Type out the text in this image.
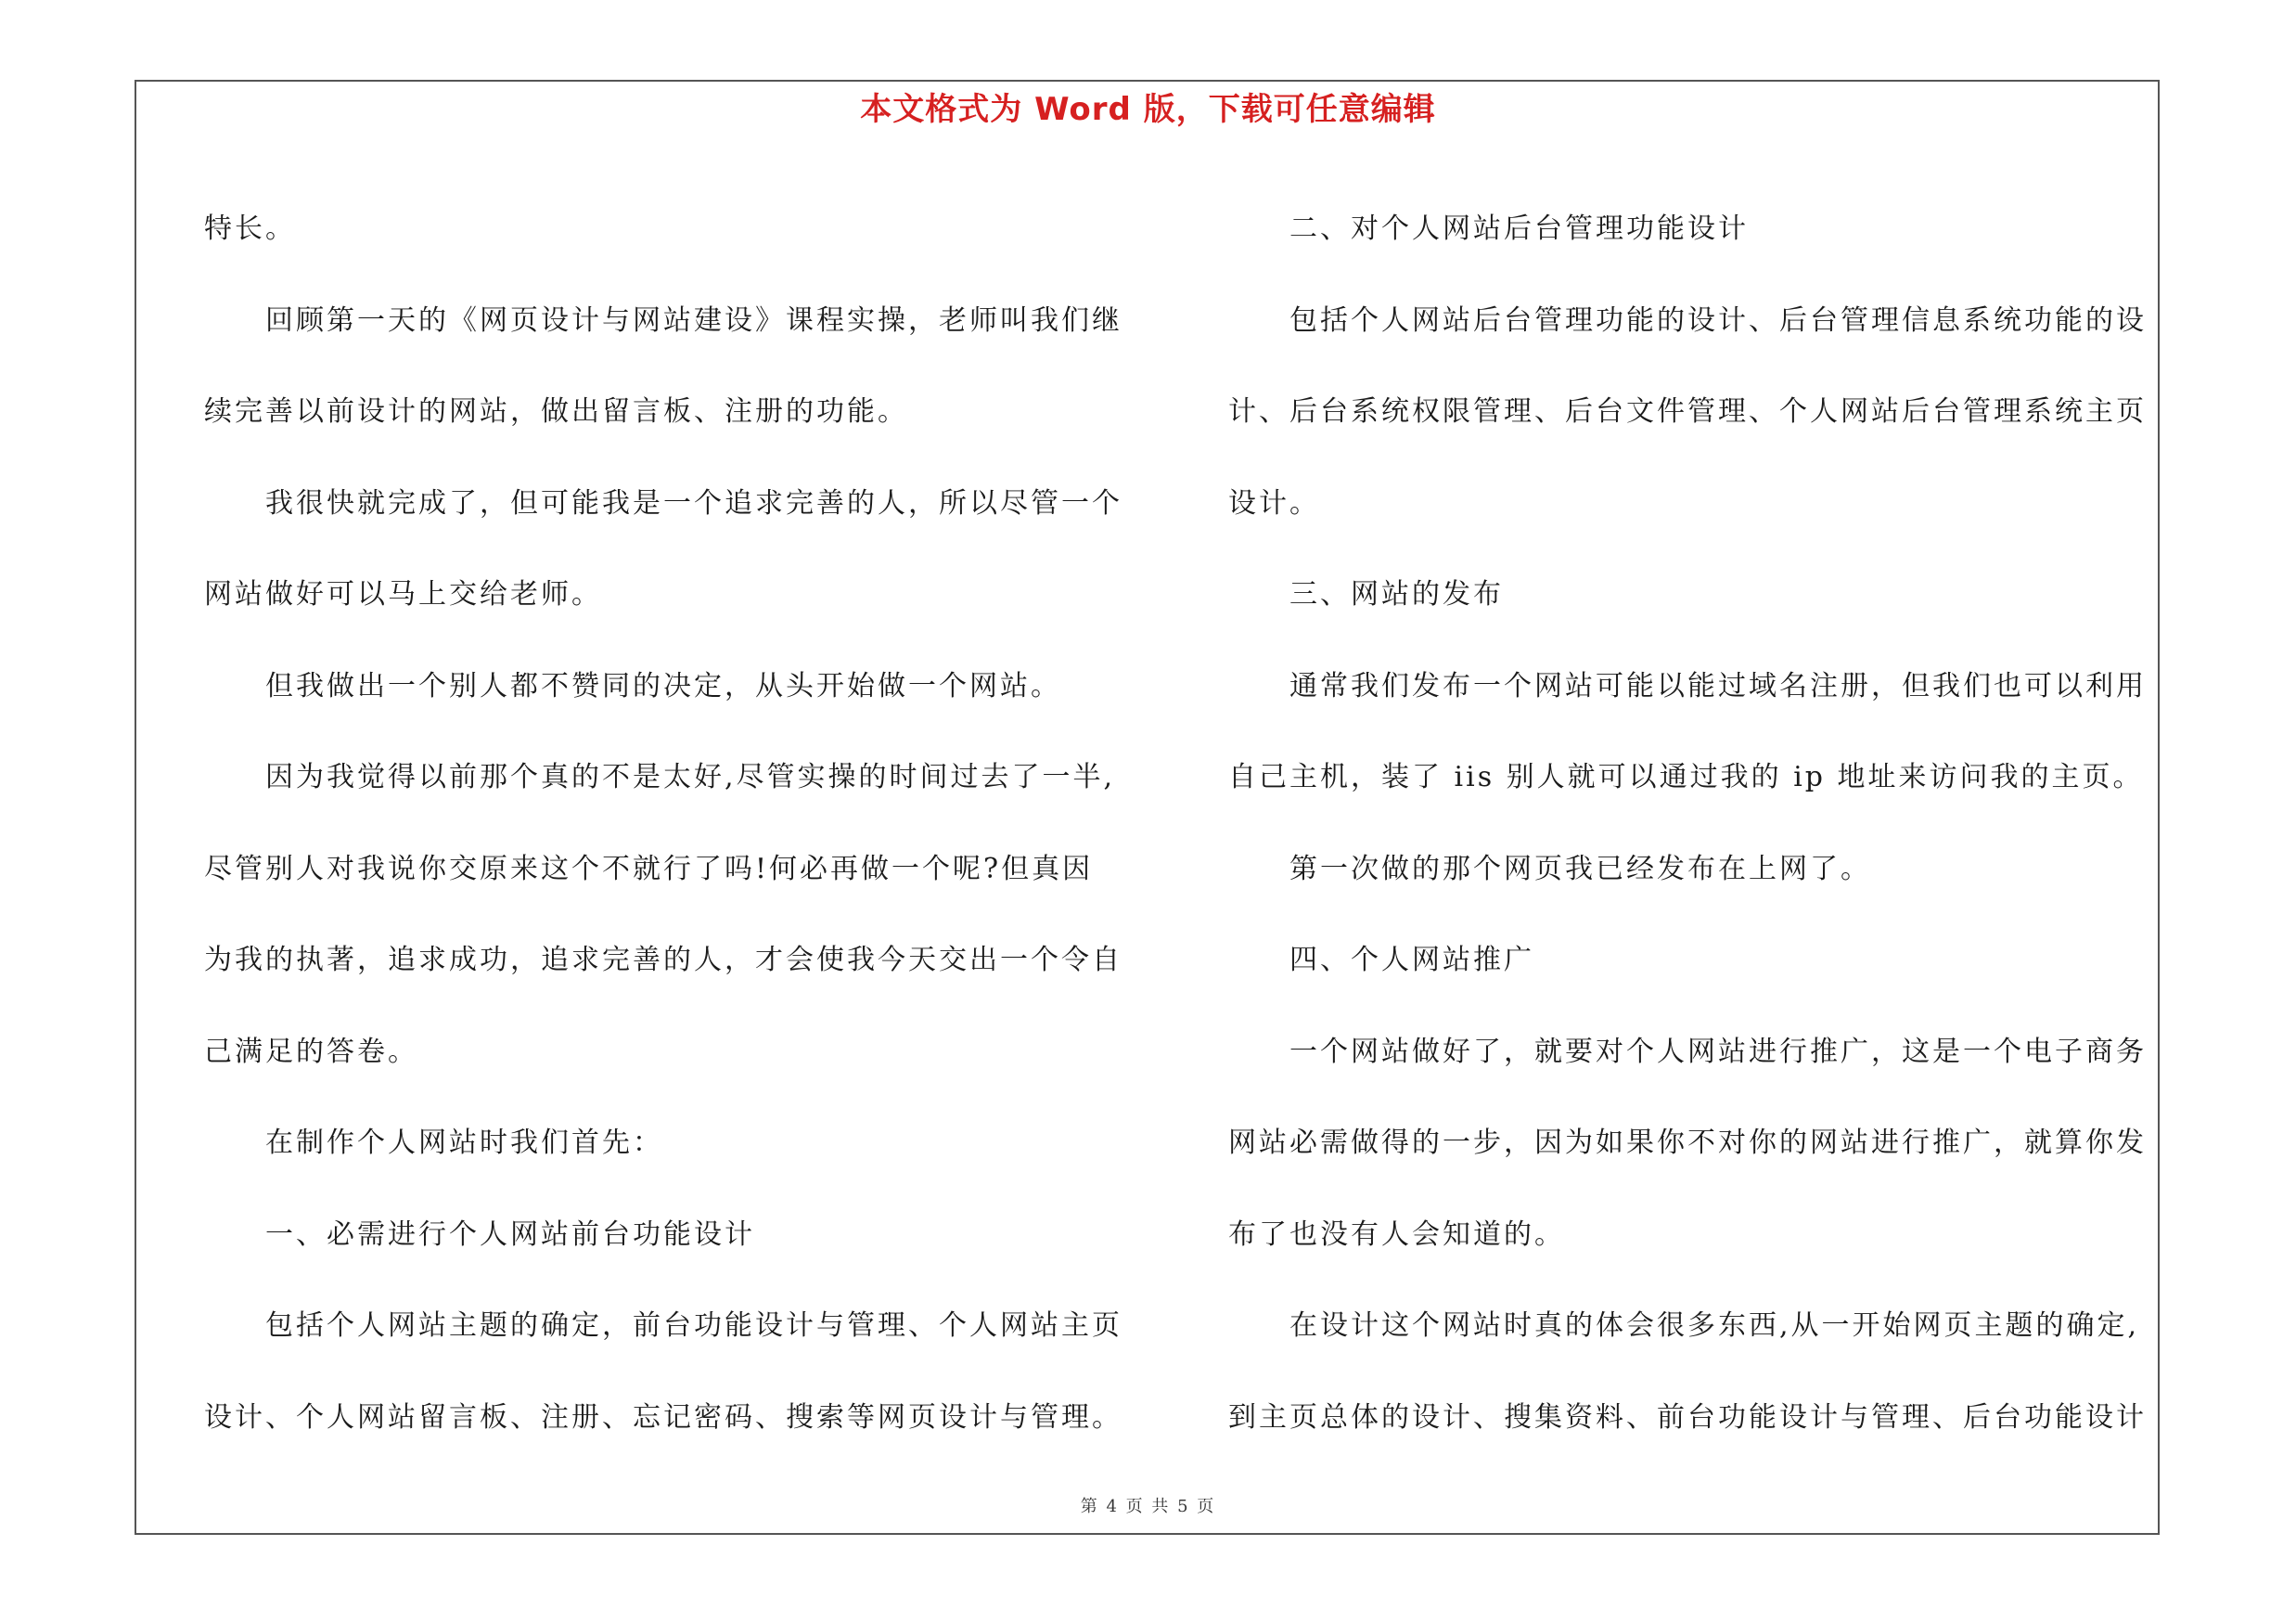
本文格式为 Word 版，下载可任意编辑

特长。

回顾第一天的《网页设计与网站建设》课程实操，老师叫我们继

续完善以前设计的网站，做出留言板、注册的功能。

我很快就完成了，但可能我是一个追求完善的人，所以尽管一个

网站做好可以马上交给老师。

但我做出一个别人都不赞同的决定，从头开始做一个网站。

因为我觉得以前那个真的不是太好,尽管实操的时间过去了一半,

尽管别人对我说你交原来这个不就行了吗!何必再做一个呢?但真因

为我的执著，追求成功，追求完善的人，才会使我今天交出一个令自

己满足的答卷。

在制作个人网站时我们首先：

一、必需进行个人网站前台功能设计

包括个人网站主题的确定，前台功能设计与管理、个人网站主页

设计、个人网站留言板、注册、忘记密码、搜索等网页设计与管理。

二、对个人网站后台管理功能设计

包括个人网站后台管理功能的设计、后台管理信息系统功能的设

计、后台系统权限管理、后台文件管理、个人网站后台管理系统主页

设计。

三、网站的发布

通常我们发布一个网站可能以能过域名注册，但我们也可以利用

自己主机，装了 iis 别人就可以通过我的 ip 地址来访问我的主页。

第一次做的那个网页我已经发布在上网了。

四、个人网站推广

一个网站做好了，就要对个人网站进行推广，这是一个电子商务

网站必需做得的一步，因为如果你不对你的网站进行推广，就算你发

布了也没有人会知道的。

在设计这个网站时真的体会很多东西,从一开始网页主题的确定,

到主页总体的设计、搜集资料、前台功能设计与管理、后台功能设计

第 4 页 共 5 页
